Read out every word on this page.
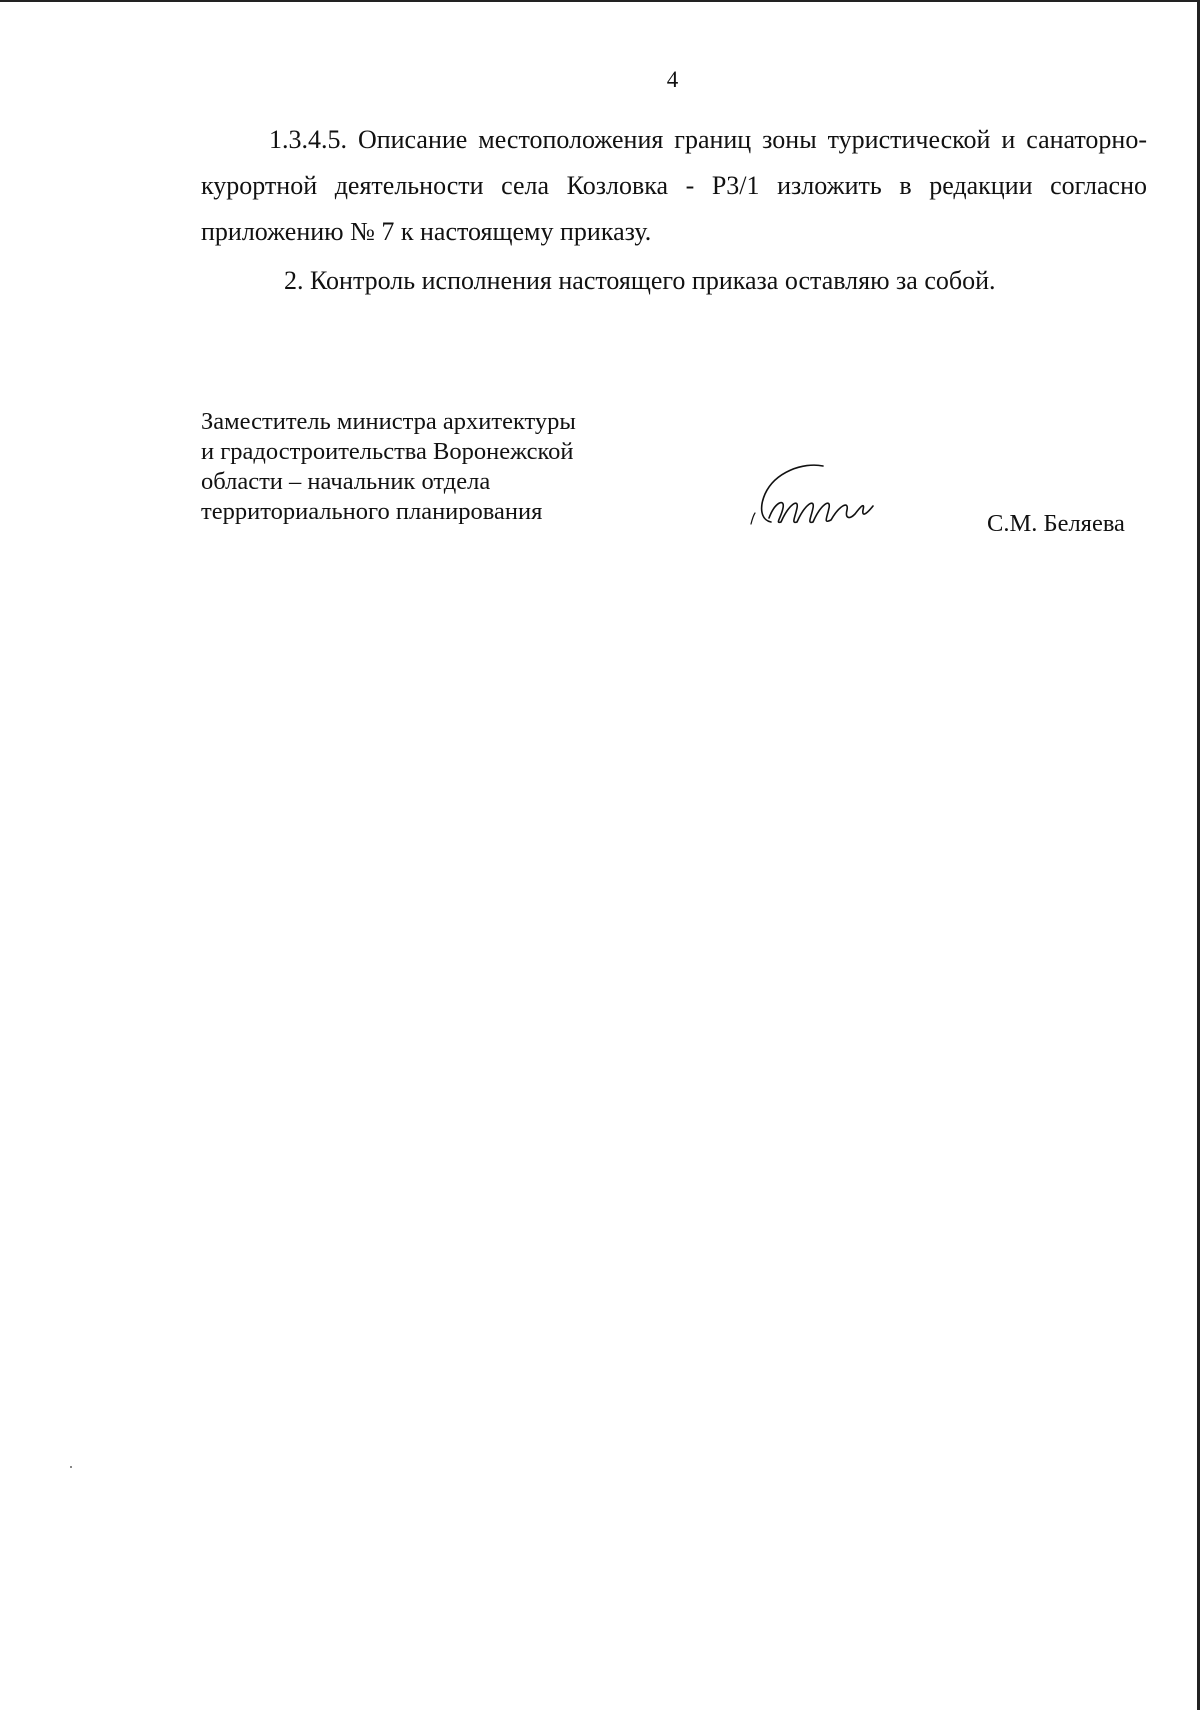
4

1.3.4.5. Описание местоположения границ зоны туристической и санаторно-курортной деятельности села Козловка - Р3/1 изложить в редакции согласно приложению № 7 к настоящему приказу.

2. Контроль исполнения настоящего приказа оставляю за собой.

Заместитель министра архитектуры
и градостроительства Воронежской
области – начальник отдела
территориального планирования	С.М. Беляева
